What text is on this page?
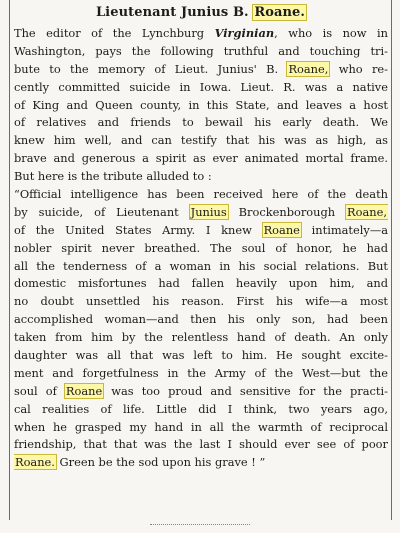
Lieutenant Junius B. Roane.
The editor of the Lynchburg Virginian, who is now in
Washington, pays the following truthful and touching tri-
bute to the memory of Lieut. Junius' B. Roane, who re-
cently committed suicide in Iowa. Lieut. R. was a native
of King and Queen county, in this State, and leaves a host
of relatives and friends to bewail his early death. We
knew him well, and can testify that his was as high, as
brave and generous a spirit as ever animated mortal frame.
But here is the tribute alluded to :
“Official intelligence has been received here of the death
by suicide, of Lieutenant Junius Brockenborough Roane,
of the United States Army. I knew Roane intimately—a
nobler spirit never breathed. The soul of honor, he had
all the tenderness of a woman in his social relations. But
domestic misfortunes had fallen heavily upon him, and
no doubt unsettled his reason. First his wife—a most
accomplished woman—and then his only son, had been
taken from him by the relentless hand of death. An only
daughter was all that was left to him. He sought excite-
ment and forgetfulness in the Army of the West—but the
soul of Roane was too proud and sensitive for the practi-
cal realities of life. Little did I think, two years ago,
when he grasped my hand in all the warmth of reciprocal
friendship, that that was the last I should ever see of poor
Roane. Green be the sod upon his grave ! ”
